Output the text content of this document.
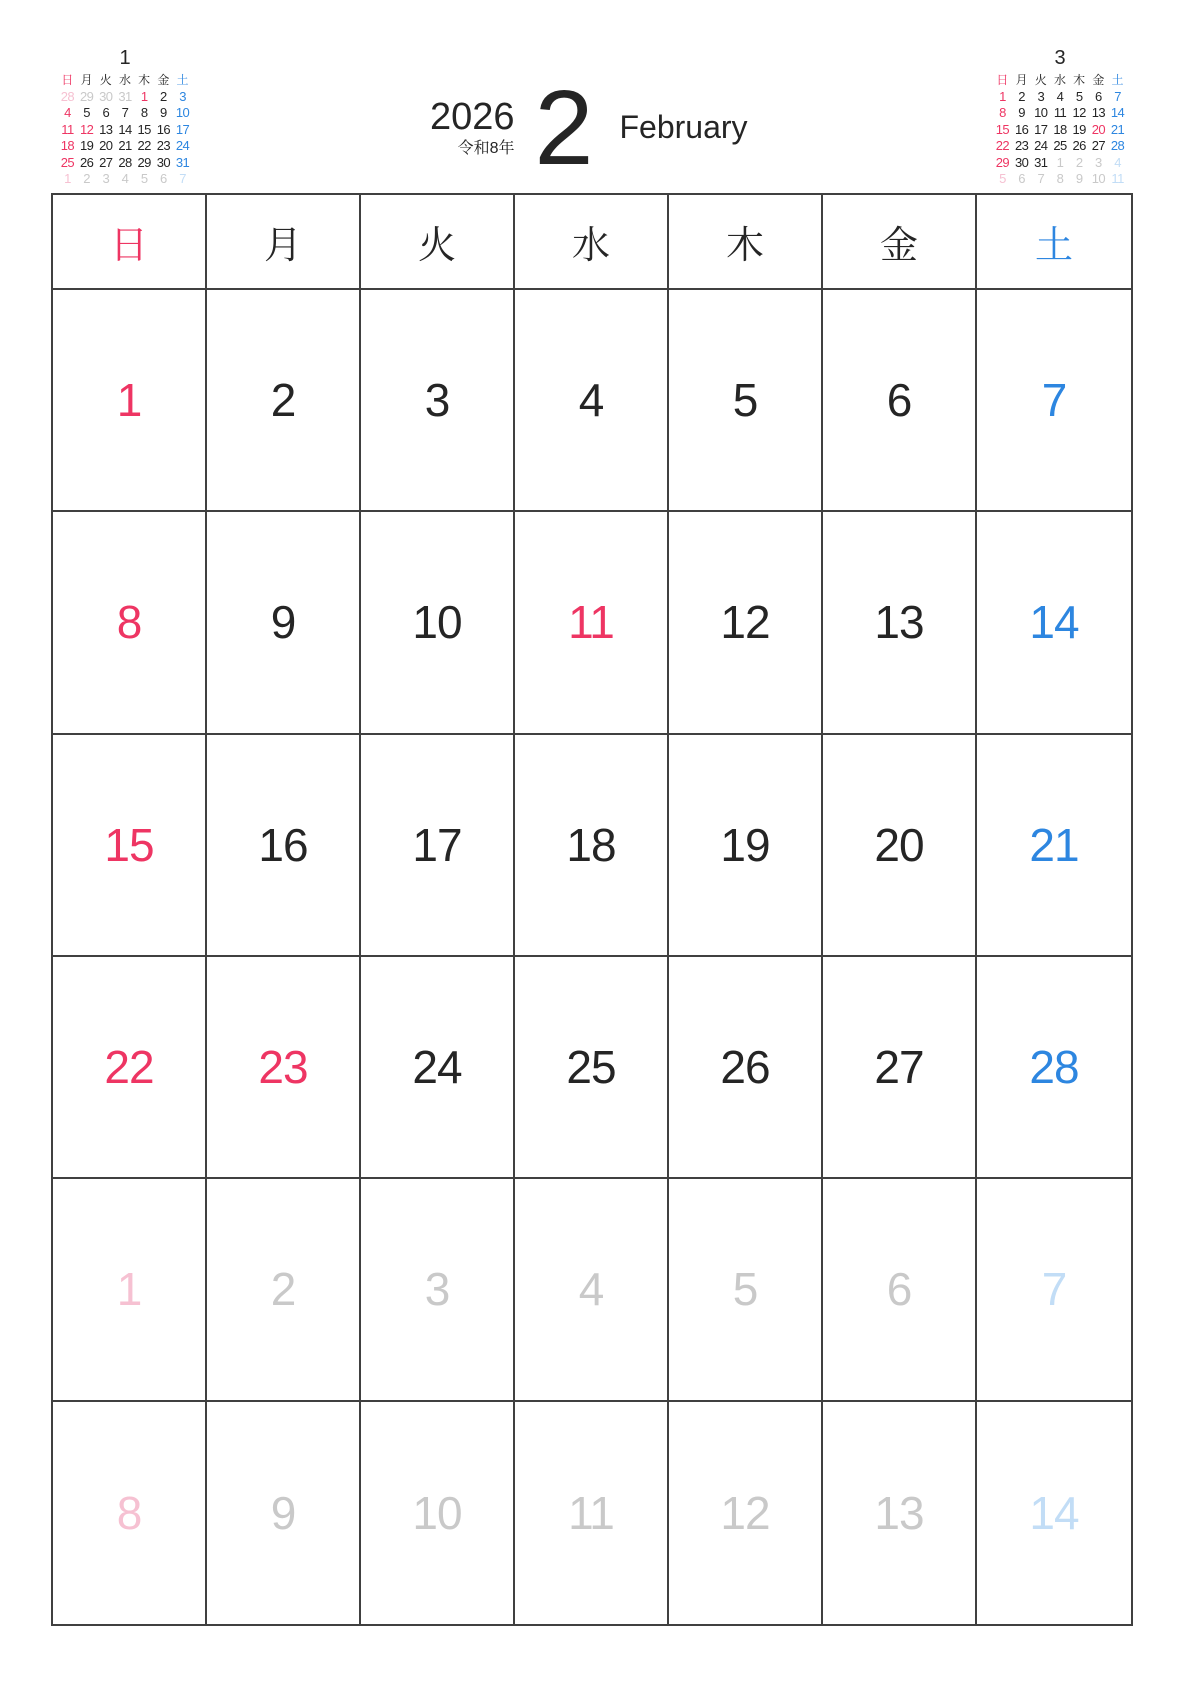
1
日 月 火 水 木 金 土
28 29 30 31 1 2 3
4 5 6 7 8 9 10
11 12 13 14 15 16 17
18 19 20 21 22 23 24
25 26 27 28 29 30 31
1 2 3 4 5 6 7
2026
令和8年 2 February
3
日 月 火 水 木 金 土
1 2 3 4 5 6 7
8 9 10 11 12 13 14
15 16 17 18 19 20 21
22 23 24 25 26 27 28
29 30 31 1 2 3 4
5 6 7 8 9 10 11
日	月	火	水	木	金	土
1	2	3	4	5	6	7
8	9	10	11	12	13	14
15	16	17	18	19	20	21
22	23	24	25	26	27	28
1	2	3	4	5	6	7
8	9	10	11	12	13	14
